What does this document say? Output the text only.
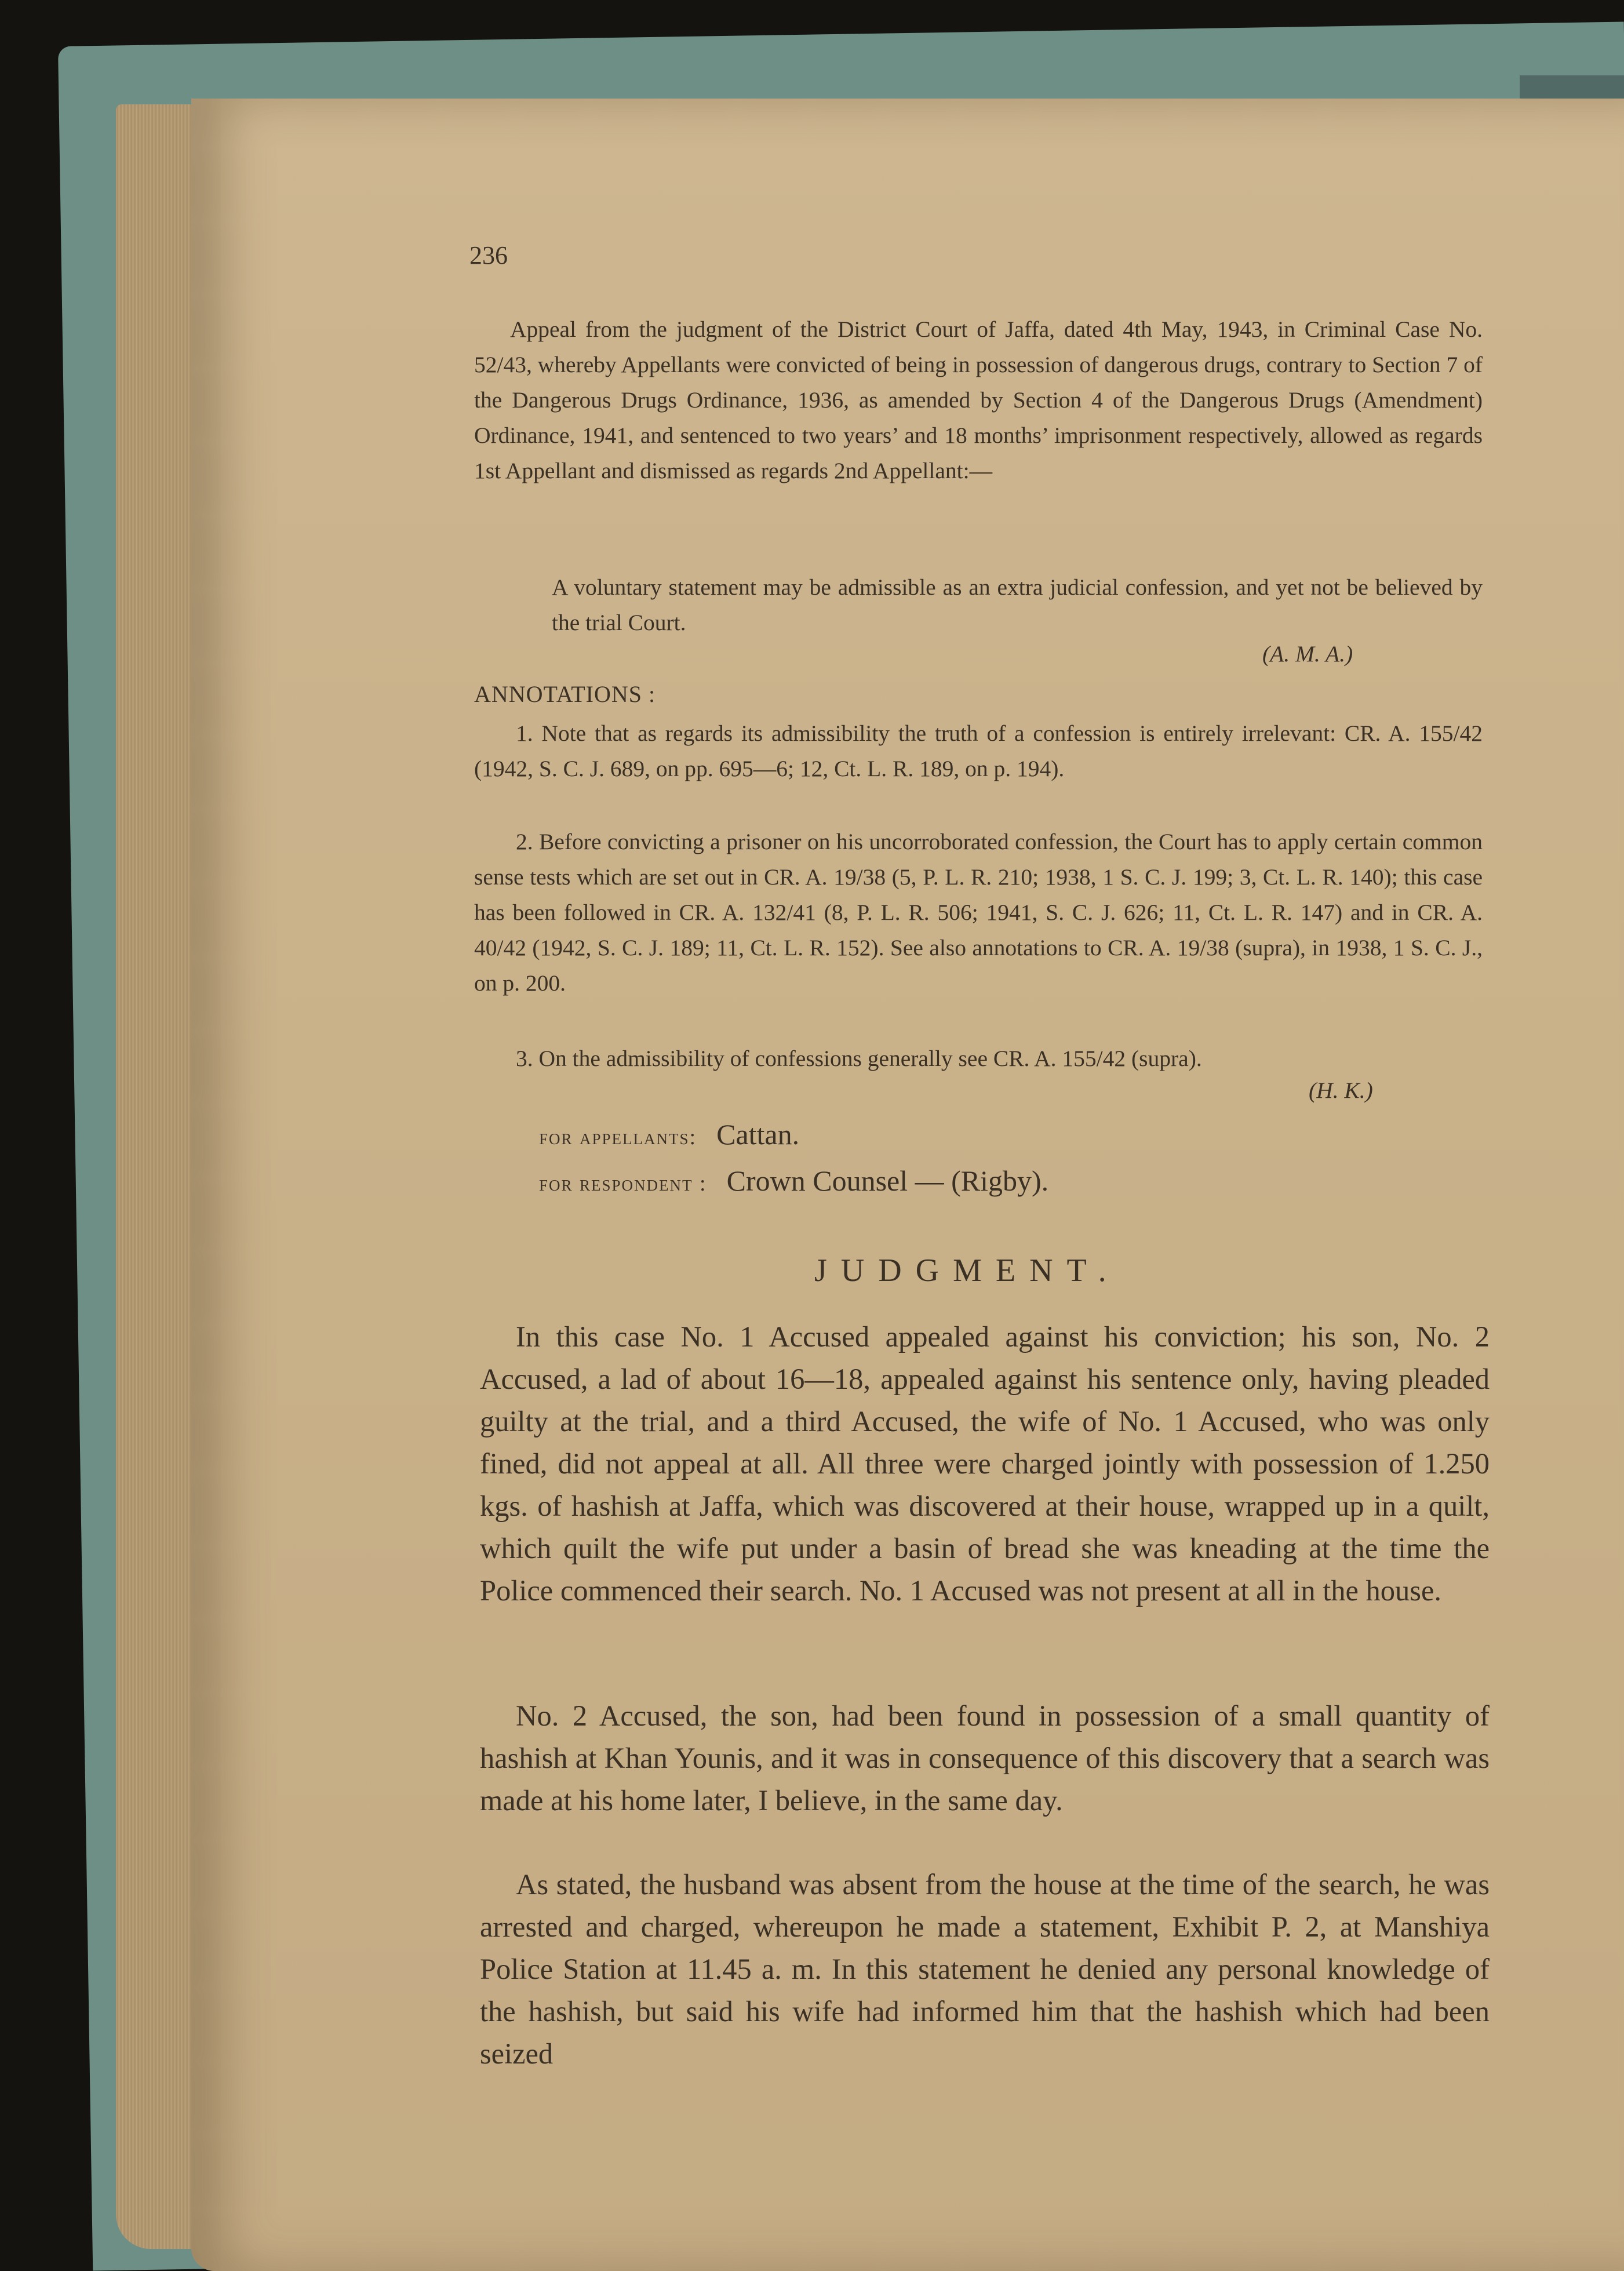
236

Appeal from the judgment of the District Court of Jaffa, dated 4th May, 1943, in Criminal Case No. 52/43, whereby Appellants were convicted of being in possession of dangerous drugs, contrary to Section 7 of the Dangerous Drugs Ordinance, 1936, as amended by Section 4 of the Dangerous Drugs (Amendment) Ordinance, 1941, and sentenced to two years’ and 18 months’ imprisonment respectively, allowed as regards 1st Appellant and dismissed as regards 2nd Appellant:—

A voluntary statement may be admissible as an extra judicial confession, and yet not be believed by the trial Court.

(A. M. A.)

ANNOTATIONS :

1. Note that as regards its admissibility the truth of a confession is entirely irrelevant: CR. A. 155/42 (1942, S. C. J. 689, on pp. 695—6; 12, Ct. L. R. 189, on p. 194).

2. Before convicting a prisoner on his uncorroborated confession, the Court has to apply certain common sense tests which are set out in CR. A. 19/38 (5, P. L. R. 210; 1938, 1 S. C. J. 199; 3, Ct. L. R. 140); this case has been followed in CR. A. 132/41 (8, P. L. R. 506; 1941, S. C. J. 626; 11, Ct. L. R. 147) and in CR. A. 40/42 (1942, S. C. J. 189; 11, Ct. L. R. 152). See also annotations to CR. A. 19/38 (supra), in 1938, 1 S. C. J., on p. 200.

3. On the admissibility of confessions generally see CR. A. 155/42 (supra).

(H. K.)

for appellants: Cattan.

for respondent : Crown Counsel — (Rigby).

JUDGMENT.

In this case No. 1 Accused appealed against his conviction; his son, No. 2 Accused, a lad of about 16—18, appealed against his sentence only, having pleaded guilty at the trial, and a third Accused, the wife of No. 1 Accused, who was only fined, did not appeal at all. All three were charged jointly with possession of 1.250 kgs. of hashish at Jaffa, which was discovered at their house, wrapped up in a quilt, which quilt the wife put under a basin of bread she was kneading at the time the Police commenced their search. No. 1 Accused was not present at all in the house.

No. 2 Accused, the son, had been found in possession of a small quantity of hashish at Khan Younis, and it was in consequence of this discovery that a search was made at his home later, I believe, in the same day.

As stated, the husband was absent from the house at the time of the search, he was arrested and charged, whereupon he made a statement, Exhibit P. 2, at Manshiya Police Station at 11.45 a. m. In this statement he denied any personal knowledge of the hashish, but said his wife had informed him that the hashish which had been seized
